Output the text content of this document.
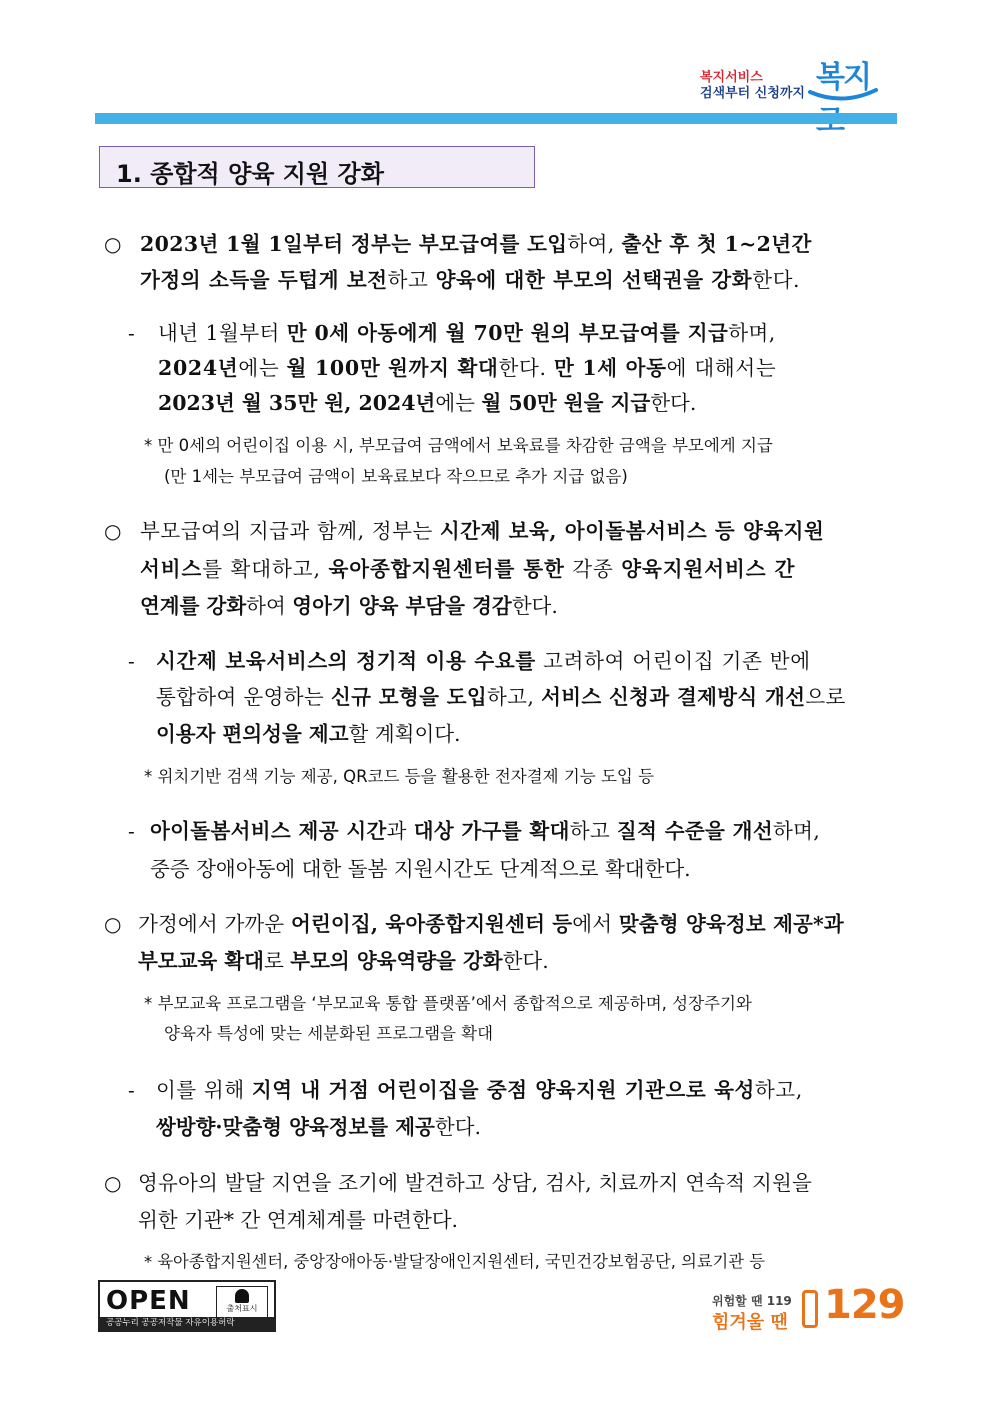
복지서비스
검색부터 신청까지 복지
1. 종합적 양육 지원 강화
○ 2023년 1월 1일부터 정부는 부모급여를 도입하여, 출산 후 첫 1~2년간
가정의 소득을 두텁게 보전하고 양육에 대한 부모의 선택권을 강화한다.
- 내년 1월부터 만 0세 아동에게 월 70만 원의 부모급여를 지급하며,
2024년에는 월 100만 원까지 확대한다. 만 1세 아동에 대해서는
2023년 월 35만 원, 2024년에는 월 50만 원을 지급한다.
* 만 0세의 어린이집 이용 시, 부모급여 금액에서 보육료를 차감한 금액을 부모에게 지급
(만 1세는 부모급여 금액이 보육료보다 작으므로 추가 지급 없음)
○ 부모급여의 지급과 함께, 정부는 시간제 보육, 아이돌봄서비스 등 양육지원
서비스를 확대하고, 육아종합지원센터를 통한 각종 양육지원서비스 간
연계를 강화하여 영아기 양육 부담을 경감한다.
- 시간제 보육서비스의 정기적 이용 수요를 고려하여 어린이집 기존 반에
통합하여 운영하는 신규 모형을 도입하고, 서비스 신청과 결제방식 개선으로
이용자 편의성을 제고할 계획이다.
* 위치기반 검색 기능 제공, QR코드 등을 활용한 전자결제 기능 도입 등
- 아이돌봄서비스 제공 시간과 대상 가구를 확대하고 질적 수준을 개선하며,
중증 장애아동에 대한 돌봄 지원시간도 단계적으로 확대한다.
○ 가정에서 가까운 어린이집, 육아종합지원센터 등에서 맞춤형 양육정보 제공*과
부모교육 확대로 부모의 양육역량을 강화한다.
* 부모교육 프로그램을 ‘부모교육 통합 플랫폼’에서 종합적으로 제공하며, 성장주기와
양육자 특성에 맞는 세분화된 프로그램을 확대
- 이를 위해 지역 내 거점 어린이집을 중점 양육지원 기관으로 육성하고,
쌍방향·맞춤형 양육정보를 제공한다.
○ 영유아의 발달 지연을 조기에 발견하고 상담, 검사, 치료까지 연속적 지원을
위한 기관* 간 연계체계를 마련한다.
* 육아종합지원센터, 중앙장애아동·발달장애인지원센터, 국민건강보험공단, 의료기관 등
OPEN	출처표시
공공누리 공공저작물 자유이용허락
위험할 땐 119
힘겨울 땐 129
